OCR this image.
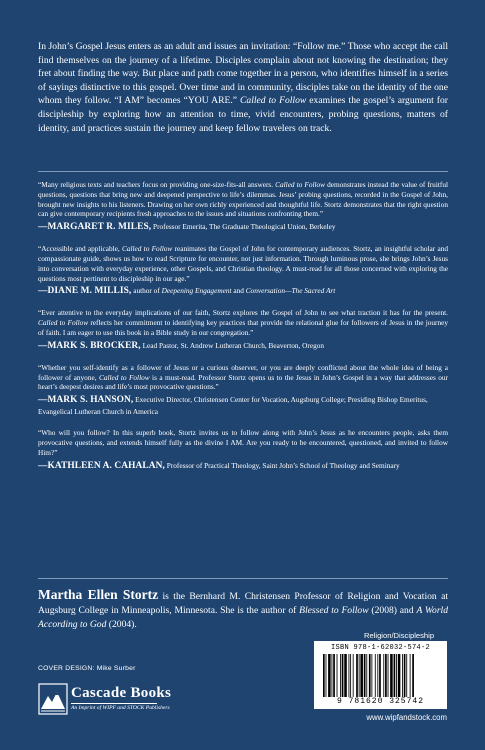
In John’s Gospel Jesus enters as an adult and issues an invitation: “Follow me.” Those who accept the call find themselves on the journey of a lifetime. Disciples complain about not knowing the destination; they fret about finding the way. But place and path come together in a person, who identifies himself in a series of sayings distinctive to this gospel. Over time and in community, disciples take on the identity of the one whom they follow. “I AM” becomes “YOU ARE.” Called to Follow examines the gospel’s argument for discipleship by exploring how an attention to time, vivid encounters, probing questions, matters of identity, and practices sustain the journey and keep fellow travelers on track.

“Many religious texts and teachers focus on providing one-size-fits-all answers. Called to Follow demonstrates instead the value of fruitful questions, questions that bring new and deepened perspective to life’s dilemmas. Jesus’ probing questions, recorded in the Gospel of John, brought new insights to his listeners. Drawing on her own richly experienced and thoughtful life. Stortz demonstrates that the right question can give contemporary recipients fresh approaches to the issues and situations confronting them.”

—MARGARET R. MILES, Professor Emerita, The Graduate Theological Union, Berkeley

“Accessible and applicable, Called to Follow reanimates the Gospel of John for contemporary audiences. Stortz, an insightful scholar and compassionate guide, shows us how to read Scripture for encounter, not just information. Through luminous prose, she brings John’s Jesus into conversation with everyday experience, other Gospels, and Christian theology. A must-read for all those concerned with exploring the questions most pertinent to discipleship in our age.”

—DIANE M. MILLIS, author of Deepening Engagement and Conversation—The Sacred Art

“Ever attentive to the everyday implications of our faith, Stortz explores the Gospel of John to see what traction it has for the present. Called to Follow reflects her commitment to identifying key practices that provide the relational glue for followers of Jesus in the journey of faith. I am eager to use this book in a Bible study in our congregation.”

—MARK S. BROCKER, Lead Pastor, St. Andrew Lutheran Church, Beaverton, Oregon

“Whether you self-identify as a follower of Jesus or a curious observer, or you are deeply conflicted about the whole idea of being a follower of anyone, Called to Follow is a must-read. Professor Stortz opens us to the Jesus in John’s Gospel in a way that addresses our heart’s deepest desires and life’s most provocative questions.”

—MARK S. HANSON, Executive Director, Christensen Center for Vocation, Augsburg College; Presiding Bishop Emeritus, Evangelical Lutheran Church in America

“Who will you follow? In this superb book, Stortz invites us to follow along with John’s Jesus as he encounters people, asks them provocative questions, and extends himself fully as the divine I AM. Are you ready to be encountered, questioned, and invited to follow Him?”

—KATHLEEN A. CAHALAN, Professor of Practical Theology, Saint John’s School of Theology and Seminary

Martha Ellen Stortz is the Bernhard M. Christensen Professor of Religion and Vocation at Augsburg College in Minneapolis, Minnesota. She is the author of Blessed to Follow (2008) and A World According to God (2004).

Religion/Discipleship
ISBN 978-1-62032-574-2
9 781620 325742
www.wipfandstock.com
COVER DESIGN: Mike Surber
Cascade Books
An Imprint of WIPF and STOCK Publishers
